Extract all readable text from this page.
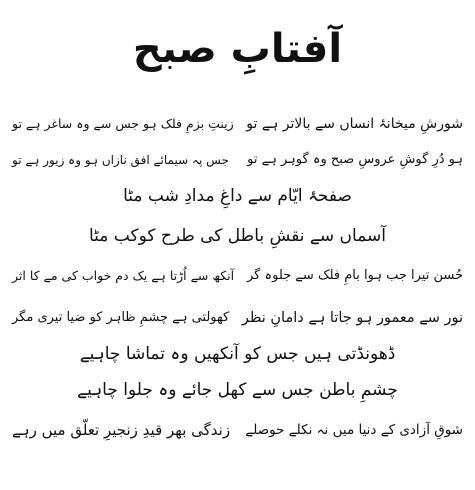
آفتابِ صبح
شورشِ میخانۂ انساں سے بالاتر ہے تو
زینتِ بزمِ فلک ہو جس سے وہ ساغر ہے تو
ہو دُرِ گوشِ عروسِ صبح وہ گوہر ہے تو
جس پہ سیمائے افق نازاں ہو وہ زیور ہے تو
صفحۂ ایّام سے داغِ مدادِ شب مٹا
آسماں سے نقشِ باطل کی طرح کوکب مٹا
حُسن تیرا جب ہوا بامِ فلک سے جلوہ گر
آنکھ سے اُڑتا ہے یک دم خواب کی مے کا اثر
نور سے معمور ہو جاتا ہے دامانِ نظر
کھولتی ہے چشمِ ظاہر کو ضیا تیری مگر
ڈھونڈتی ہیں جس کو آنکھیں وہ تماشا چاہیے
چشمِ باطن جس سے کھل جائے وہ جلوا چاہیے
شوقِ آزادی کے دنیا میں نہ نکلے حوصلے
زندگی بھر قیدِ زنجیرِ تعلّق میں رہے
